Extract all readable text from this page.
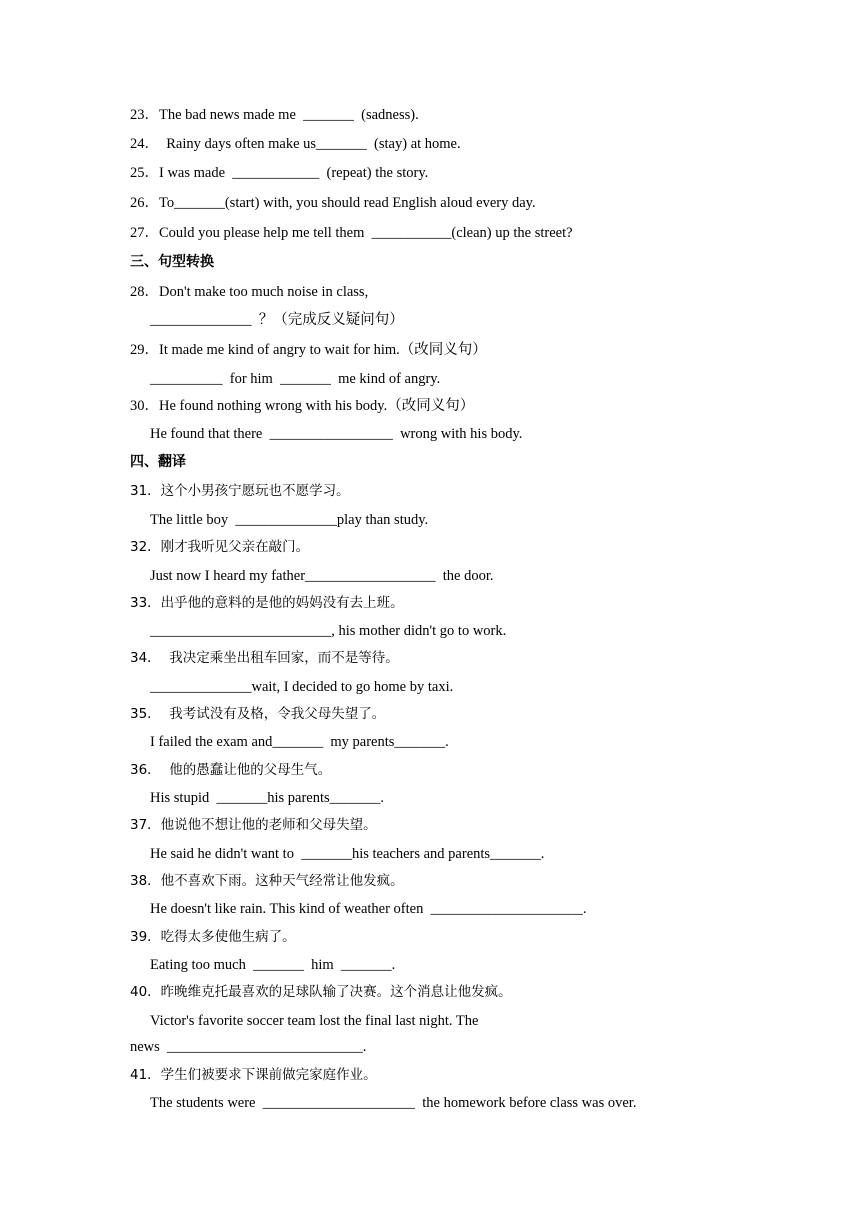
23．The bad news made me  _______  (sadness).
24．  Rainy days often make us_______  (stay) at home.
25．I was made  ____________  (repeat) the story.
26．To_______(start) with, you should read English aloud every day.
27．Could you please help me tell them  ___________(clean) up the street?
三、句型转换
28．Don't make too much noise in class,
______________  ？（完成反义疑问句）
29．It made me kind of angry to wait for him.（改同义句）
__________  for him  _______  me kind of angry.
30．He found nothing wrong with his body.（改同义句）
He found that there  _________________  wrong with his body.
四、翻译
31．这个小男孩宁愿玩也不愿学习。
The little boy  ______________play than study.
32．刚才我听见父亲在敲门。
Just now I heard my father__________________  the door.
33．出乎他的意料的是他的妈妈没有去上班。
_________________________, his mother didn't go to work.
34．  我决定乘坐出租车回家，而不是等待。
______________wait, I decided to go home by taxi.
35．  我考试没有及格，令我父母失望了。
I failed the exam and_______  my parents_______.
36．  他的愚蠢让他的父母生气。
His stupid  _______his parents_______.
37．他说他不想让他的老师和父母失望。
He said he didn't want to  _______his teachers and parents_______.
38．他不喜欢下雨。这种天气经常让他发疯。
He doesn't like rain. This kind of weather often  _____________________.
39．吃得太多使他生病了。
Eating too much  _______  him  _______.
40．昨晚维克托最喜欢的足球队输了决赛。这个消息让他发疯。
Victor's favorite soccer team lost the final last night. The
news  ___________________________.
41．学生们被要求下课前做完家庭作业。
The students were  _____________________  the homework before class was over.
